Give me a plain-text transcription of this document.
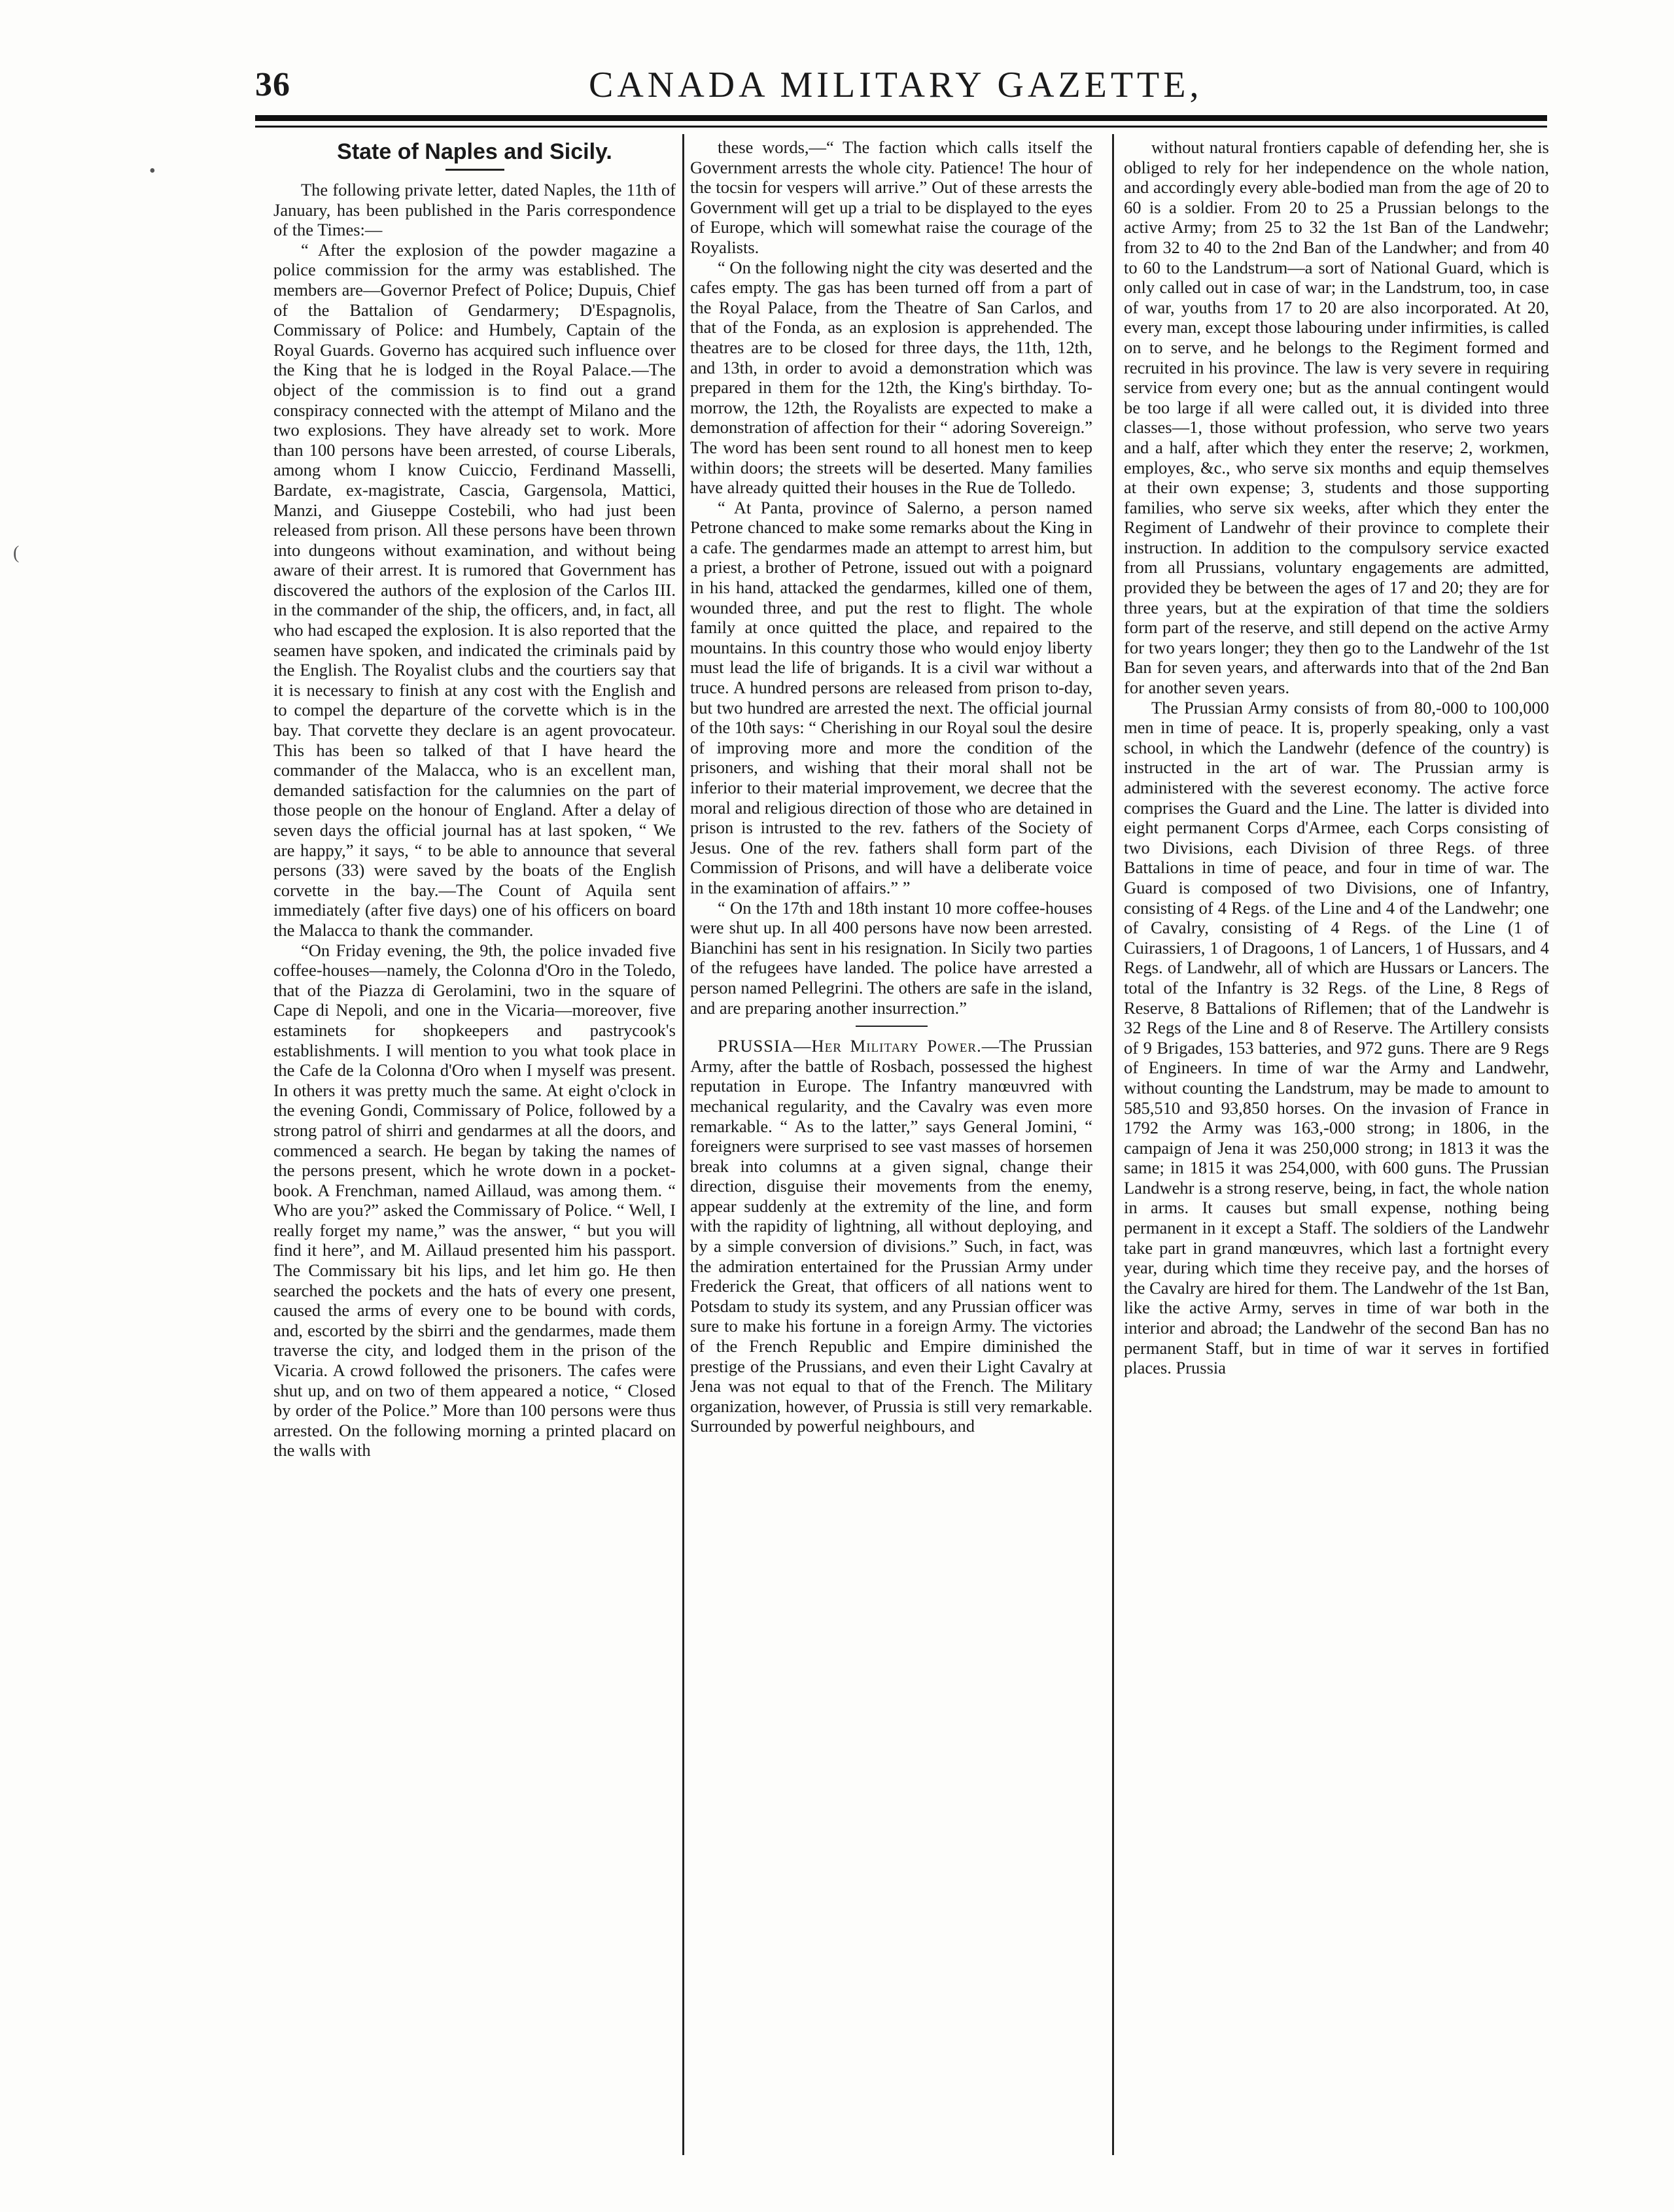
•
(
36	CANADA MILITARY GAZETTE,

State of Naples and Sicily.

The following private letter, dated Naples, the 11th of January, has been published in the Paris correspondence of the Times:—

“ After the explosion of the powder magazine a police commission for the army was established. The members are—Governor Prefect of Police; Dupuis, Chief of the Battalion of Gendarmery; D'Espagnolis, Commissary of Police: and Humbely, Captain of the Royal Guards. Governo has acquired such influence over the King that he is lodged in the Royal Palace.—The object of the commission is to find out a grand conspiracy connected with the attempt of Milano and the two explosions. They have already set to work. More than 100 persons have been arrested, of course Liberals, among whom I know Cuiccio, Ferdinand Masselli, Bardate, ex-magistrate, Cascia, Gargensola, Mattici, Manzi, and Giuseppe Costebili, who had just been released from prison. All these persons have been thrown into dungeons without examination, and without being aware of their arrest. It is rumored that Government has discovered the authors of the explosion of the Carlos III. in the commander of the ship, the officers, and, in fact, all who had escaped the explosion. It is also reported that the seamen have spoken, and indicated the criminals paid by the English. The Royalist clubs and the courtiers say that it is necessary to finish at any cost with the English and to compel the departure of the corvette which is in the bay. That corvette they declare is an agent provocateur. This has been so talked of that I have heard the commander of the Malacca, who is an excellent man, demanded satisfaction for the calumnies on the part of those people on the honour of England. After a delay of seven days the official journal has at last spoken, “ We are happy,” it says, “ to be able to announce that several persons (33) were saved by the boats of the English corvette in the bay.—The Count of Aquila sent immediately (after five days) one of his officers on board the Malacca to thank the commander.

“On Friday evening, the 9th, the police invaded five coffee-houses—namely, the Colonna d'Oro in the Toledo, that of the Piazza di Gerolamini, two in the square of Cape di Nepoli, and one in the Vicaria—moreover, five estaminets for shopkeepers and pastrycook's establishments. I will mention to you what took place in the Cafe de la Colonna d'Oro when I myself was present. In others it was pretty much the same. At eight o'clock in the evening Gondi, Commissary of Police, followed by a strong patrol of shirri and gendarmes at all the doors, and commenced a search. He began by taking the names of the persons present, which he wrote down in a pocket-book. A Frenchman, named Aillaud, was among them. “ Who are you?” asked the Commissary of Police. “ Well, I really forget my name,” was the answer, “ but you will find it here”, and M. Aillaud presented him his passport. The Commissary bit his lips, and let him go. He then searched the pockets and the hats of every one present, caused the arms of every one to be bound with cords, and, escorted by the sbirri and the gendarmes, made them traverse the city, and lodged them in the prison of the Vicaria. A crowd followed the prisoners. The cafes were shut up, and on two of them appeared a notice, “ Closed by order of the Police.” More than 100 persons were thus arrested. On the following morning a printed placard on the walls with

these words,—“ The faction which calls itself the Government arrests the whole city. Patience! The hour of the tocsin for vespers will arrive.” Out of these arrests the Government will get up a trial to be displayed to the eyes of Europe, which will somewhat raise the courage of the Royalists.

“ On the following night the city was deserted and the cafes empty. The gas has been turned off from a part of the Royal Palace, from the Theatre of San Carlos, and that of the Fonda, as an explosion is apprehended. The theatres are to be closed for three days, the 11th, 12th, and 13th, in order to avoid a demonstration which was prepared in them for the 12th, the King's birthday. To-morrow, the 12th, the Royalists are expected to make a demonstration of affection for their “ adoring Sovereign.” The word has been sent round to all honest men to keep within doors; the streets will be deserted. Many families have already quitted their houses in the Rue de Tolledo.

“ At Panta, province of Salerno, a person named Petrone chanced to make some remarks about the King in a cafe. The gendarmes made an attempt to arrest him, but a priest, a brother of Petrone, issued out with a poignard in his hand, attacked the gendarmes, killed one of them, wounded three, and put the rest to flight. The whole family at once quitted the place, and repaired to the mountains. In this country those who would enjoy liberty must lead the life of brigands. It is a civil war without a truce. A hundred persons are released from prison to-day, but two hundred are arrested the next. The official journal of the 10th says: “ Cherishing in our Royal soul the desire of improving more and more the condition of the prisoners, and wishing that their moral shall not be inferior to their material improvement, we decree that the moral and religious direction of those who are detained in prison is intrusted to the rev. fathers of the Society of Jesus. One of the rev. fathers shall form part of the Commission of Prisons, and will have a deliberate voice in the examination of affairs.” ”

“ On the 17th and 18th instant 10 more coffee-houses were shut up. In all 400 persons have now been arrested. Bianchini has sent in his resignation. In Sicily two parties of the refugees have landed. The police have arrested a person named Pellegrini. The others are safe in the island, and are preparing another insurrection.”

PRUSSIA—Her Military Power.—The Prussian Army, after the battle of Rosbach, possessed the highest reputation in Europe. The Infantry manœuvred with mechanical regularity, and the Cavalry was even more remarkable. “ As to the latter,” says General Jomini, “ foreigners were surprised to see vast masses of horsemen break into columns at a given signal, change their direction, disguise their movements from the enemy, appear suddenly at the extremity of the line, and form with the rapidity of lightning, all without deploying, and by a simple conversion of divisions.” Such, in fact, was the admiration entertained for the Prussian Army under Frederick the Great, that officers of all nations went to Potsdam to study its system, and any Prussian officer was sure to make his fortune in a foreign Army. The victories of the French Republic and Empire diminished the prestige of the Prussians, and even their Light Cavalry at Jena was not equal to that of the French. The Military organization, however, of Prussia is still very remarkable. Surrounded by powerful neighbours, and

without natural frontiers capable of defending her, she is obliged to rely for her independence on the whole nation, and accordingly every able-bodied man from the age of 20 to 60 is a soldier. From 20 to 25 a Prussian belongs to the active Army; from 25 to 32 the 1st Ban of the Landwehr; from 32 to 40 to the 2nd Ban of the Landwher; and from 40 to 60 to the Landstrum—a sort of National Guard, which is only called out in case of war; in the Landstrum, too, in case of war, youths from 17 to 20 are also incorporated. At 20, every man, except those labouring under infirmities, is called on to serve, and he belongs to the Regiment formed and recruited in his province. The law is very severe in requiring service from every one; but as the annual contingent would be too large if all were called out, it is divided into three classes—1, those without profession, who serve two years and a half, after which they enter the reserve; 2, workmen, employes, &c., who serve six months and equip themselves at their own expense; 3, students and those supporting families, who serve six weeks, after which they enter the Regiment of Landwehr of their province to complete their instruction. In addition to the compulsory service exacted from all Prussians, voluntary engagements are admitted, provided they be between the ages of 17 and 20; they are for three years, but at the expiration of that time the soldiers form part of the reserve, and still depend on the active Army for two years longer; they then go to the Landwehr of the 1st Ban for seven years, and afterwards into that of the 2nd Ban for another seven years.

The Prussian Army consists of from 80,-000 to 100,000 men in time of peace. It is, properly speaking, only a vast school, in which the Landwehr (defence of the country) is instructed in the art of war. The Prussian army is administered with the severest economy. The active force comprises the Guard and the Line. The latter is divided into eight permanent Corps d'Armee, each Corps consisting of two Divisions, each Division of three Regs. of three Battalions in time of peace, and four in time of war. The Guard is composed of two Divisions, one of Infantry, consisting of 4 Regs. of the Line and 4 of the Landwehr; one of Cavalry, consisting of 4 Regs. of the Line (1 of Cuirassiers, 1 of Dragoons, 1 of Lancers, 1 of Hussars, and 4 Regs. of Landwehr, all of which are Hussars or Lancers. The total of the Infantry is 32 Regs. of the Line, 8 Regs of Reserve, 8 Battalions of Riflemen; that of the Landwehr is 32 Regs of the Line and 8 of Reserve. The Artillery consists of 9 Brigades, 153 batteries, and 972 guns. There are 9 Regs of Engineers. In time of war the Army and Landwehr, without counting the Landstrum, may be made to amount to 585,510 and 93,850 horses. On the invasion of France in 1792 the Army was 163,-000 strong; in 1806, in the campaign of Jena it was 250,000 strong; in 1813 it was the same; in 1815 it was 254,000, with 600 guns. The Prussian Landwehr is a strong reserve, being, in fact, the whole nation in arms. It causes but small expense, nothing being permanent in it except a Staff. The soldiers of the Landwehr take part in grand manœuvres, which last a fortnight every year, during which time they receive pay, and the horses of the Cavalry are hired for them. The Landwehr of the 1st Ban, like the active Army, serves in time of war both in the interior and abroad; the Landwehr of the second Ban has no permanent Staff, but in time of war it serves in fortified places. Prussia
